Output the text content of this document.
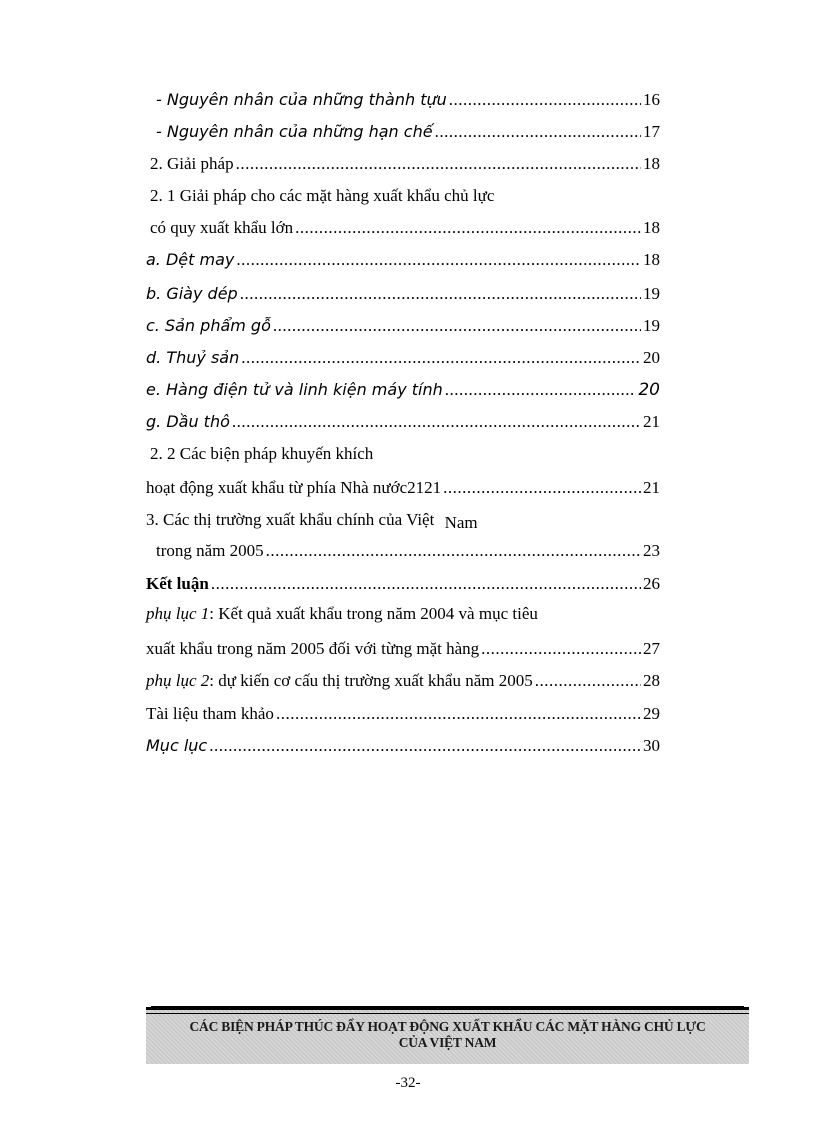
- Nguyên nhân của những thành tựu .....	16
- Nguyên nhân của những hạn chế .....	17
2. Giải pháp .....	18
2. 1 Giải pháp cho các mặt hàng xuất khẩu chủ lực
có quy xuất khẩu lớn .....	18
a. Dệt may .....	18
b. Giày dép .....	19
c. Sản phẩm gỗ .....	19
d. Thuỷ sản .....	20
e. Hàng điện tử và linh kiện máy tính .....	20
g. Dầu thô .....	21
2. 2 Các biện pháp khuyến khích
hoạt động xuất khẩu từ phía Nhà nước2121 .....	21
3. Các thị trường xuất khẩu chính của Việt Nam
trong năm 2005 .....	23
Kết luận .....	26
phụ lục 1: Kết quả xuất khẩu trong năm 2004 và mục tiêu
xuất khẩu trong năm 2005 đối với từng mặt hàng .....	27
phụ lục 2: dự kiến cơ cấu thị trường xuất khẩu năm 2005 .....	28
Tài liệu tham khảo .....	29
Mục lục .....	30
CÁC BIỆN PHÁP THÚC ĐẨY HOẠT ĐỘNG XUẤT KHẨU CÁC MẶT HÀNG CHỦ LỰC
CỦA VIỆT NAM
-32-
